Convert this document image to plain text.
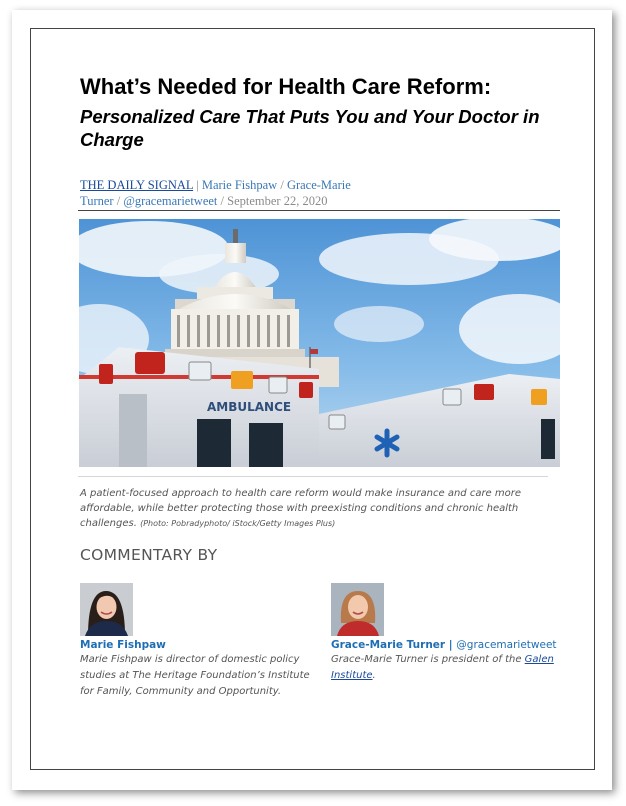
What’s Needed for Health Care Reform:
Personalized Care That Puts You and Your Doctor in Charge
THE DAILY SIGNAL | Marie Fishpaw / Grace-Marie Turner / @gracemarietweet / September 22, 2020
AMBULANCE
A patient-focused approach to health care reform would make insurance and care more affordable, while better protecting those with preexisting conditions and chronic health challenges. (Photo: Pobradyphoto/ iStock/Getty Images Plus)
COMMENTARY BY
Marie Fishpaw
Marie Fishpaw is director of domestic policy studies at The Heritage Foundation’s Institute for Family, Community and Opportunity.
Grace-Marie Turner | @gracemarietweet
Grace-Marie Turner is president of the Galen Institute.
